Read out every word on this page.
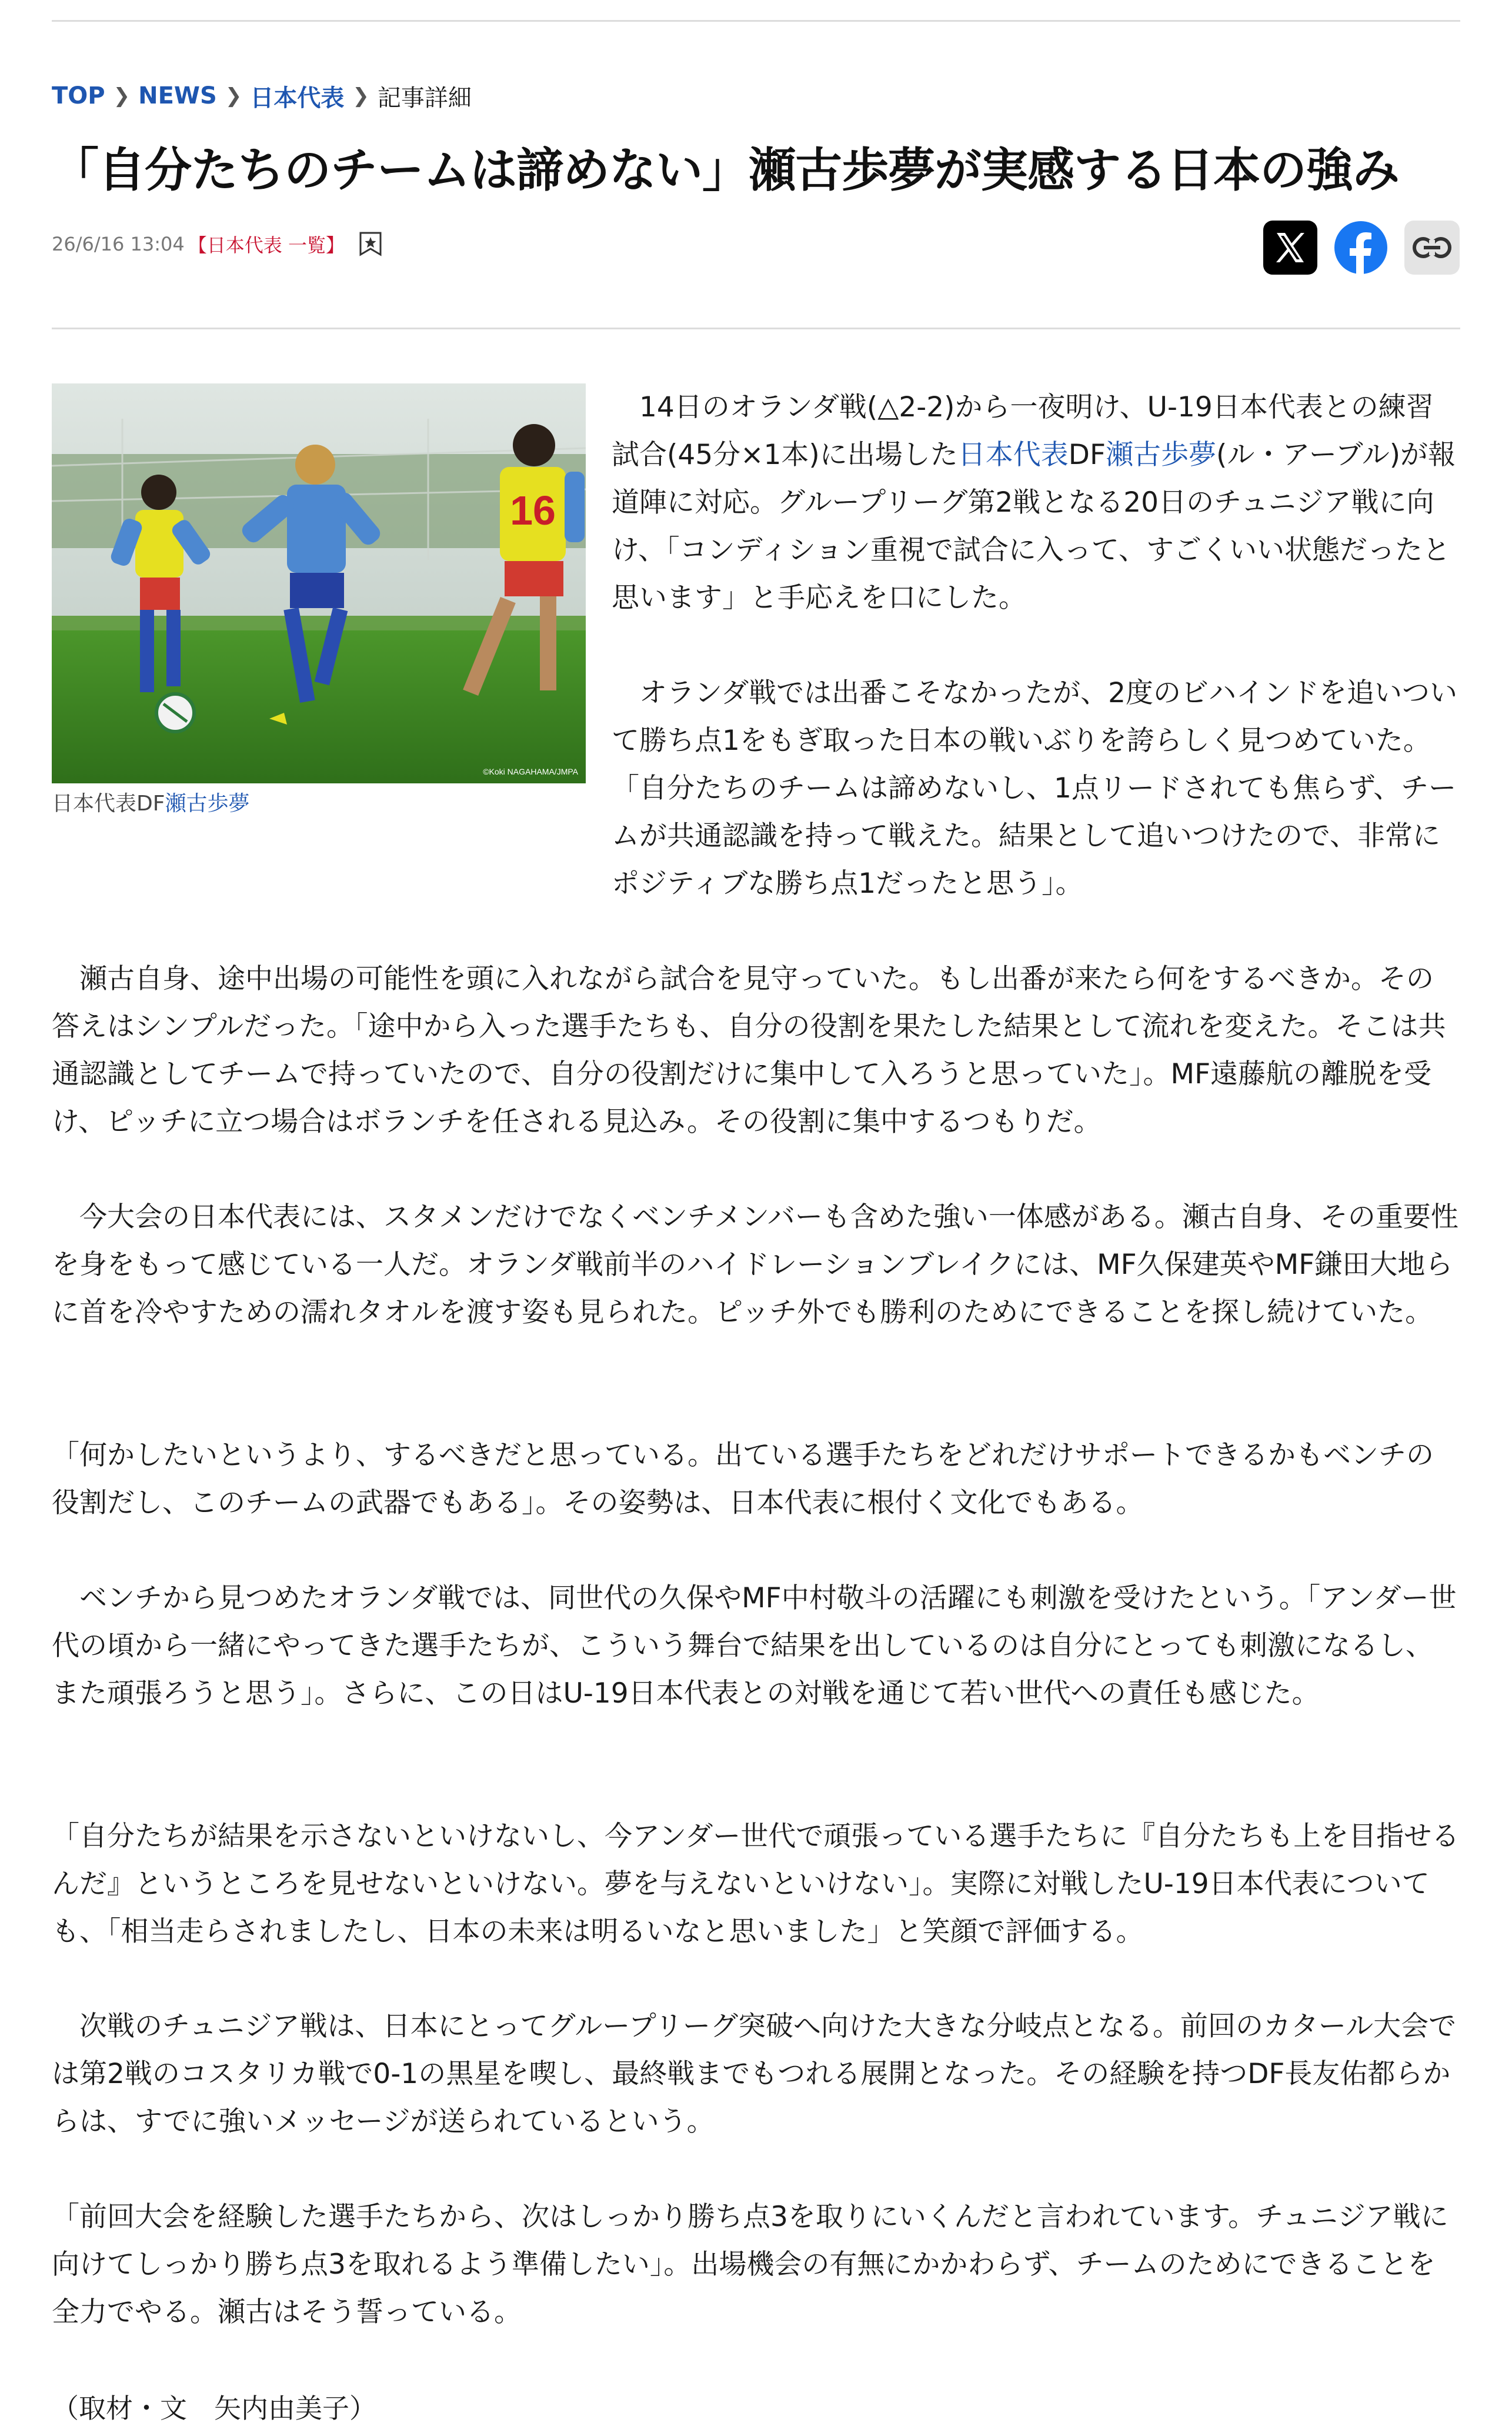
TOP ❯ NEWS ❯ 日本代表 ❯ 記事詳細
「自分たちのチームは諦めない」瀬古歩夢が実感する日本の強み
26/6/16 13:04 【日本代表 一覧】
16
©Koki NAGAHAMA/JMPA
日本代表DF瀬古歩夢

　14日のオランダ戦(△2-2)から一夜明け、U-19日本代表との練習試合(45分×1本)に出場した日本代表DF瀬古歩夢(ル・アーブル)が報道陣に対応。グループリーグ第2戦となる20日のチュニジア戦に向け、「コンディション重視で試合に入って、すごくいい状態だったと思います」と手応えを口にした。

　オランダ戦では出番こそなかったが、2度のビハインドを追いついて勝ち点1をもぎ取った日本の戦いぶりを誇らしく見つめていた。「自分たちのチームは諦めないし、1点リードされても焦らず、チームが共通認識を持って戦えた。結果として追いつけたので、非常にポジティブな勝ち点1だったと思う」。

　瀬古自身、途中出場の可能性を頭に入れながら試合を見守っていた。もし出番が来たら何をするべきか。その答えはシンプルだった。「途中から入った選手たちも、自分の役割を果たした結果として流れを変えた。そこは共通認識としてチームで持っていたので、自分の役割だけに集中して入ろうと思っていた」。MF遠藤航の離脱を受け、ピッチに立つ場合はボランチを任される見込み。その役割に集中するつもりだ。

　今大会の日本代表には、スタメンだけでなくベンチメンバーも含めた強い一体感がある。瀬古自身、その重要性を身をもって感じている一人だ。オランダ戦前半のハイドレーションブレイクには、MF久保建英やMF鎌田大地らに首を冷やすための濡れタオルを渡す姿も見られた。ピッチ外でも勝利のためにできることを探し続けていた。

「何かしたいというより、するべきだと思っている。出ている選手たちをどれだけサポートできるかもベンチの役割だし、このチームの武器でもある」。その姿勢は、日本代表に根付く文化でもある。

　ベンチから見つめたオランダ戦では、同世代の久保やMF中村敬斗の活躍にも刺激を受けたという。「アンダー世代の頃から一緒にやってきた選手たちが、こういう舞台で結果を出しているのは自分にとっても刺激になるし、また頑張ろうと思う」。さらに、この日はU-19日本代表との対戦を通じて若い世代への責任も感じた。

「自分たちが結果を示さないといけないし、今アンダー世代で頑張っている選手たちに『自分たちも上を目指せるんだ』というところを見せないといけない。夢を与えないといけない」。実際に対戦したU-19日本代表についても、「相当走らされましたし、日本の未来は明るいなと思いました」と笑顔で評価する。

　次戦のチュニジア戦は、日本にとってグループリーグ突破へ向けた大きな分岐点となる。前回のカタール大会では第2戦のコスタリカ戦で0-1の黒星を喫し、最終戦までもつれる展開となった。その経験を持つDF長友佑都らからは、すでに強いメッセージが送られているという。

「前回大会を経験した選手たちから、次はしっかり勝ち点3を取りにいくんだと言われています。チュニジア戦に向けてしっかり勝ち点3を取れるよう準備したい」。出場機会の有無にかかわらず、チームのためにできることを全力でやる。瀬古はそう誓っている。

（取材・文　矢内由美子）
